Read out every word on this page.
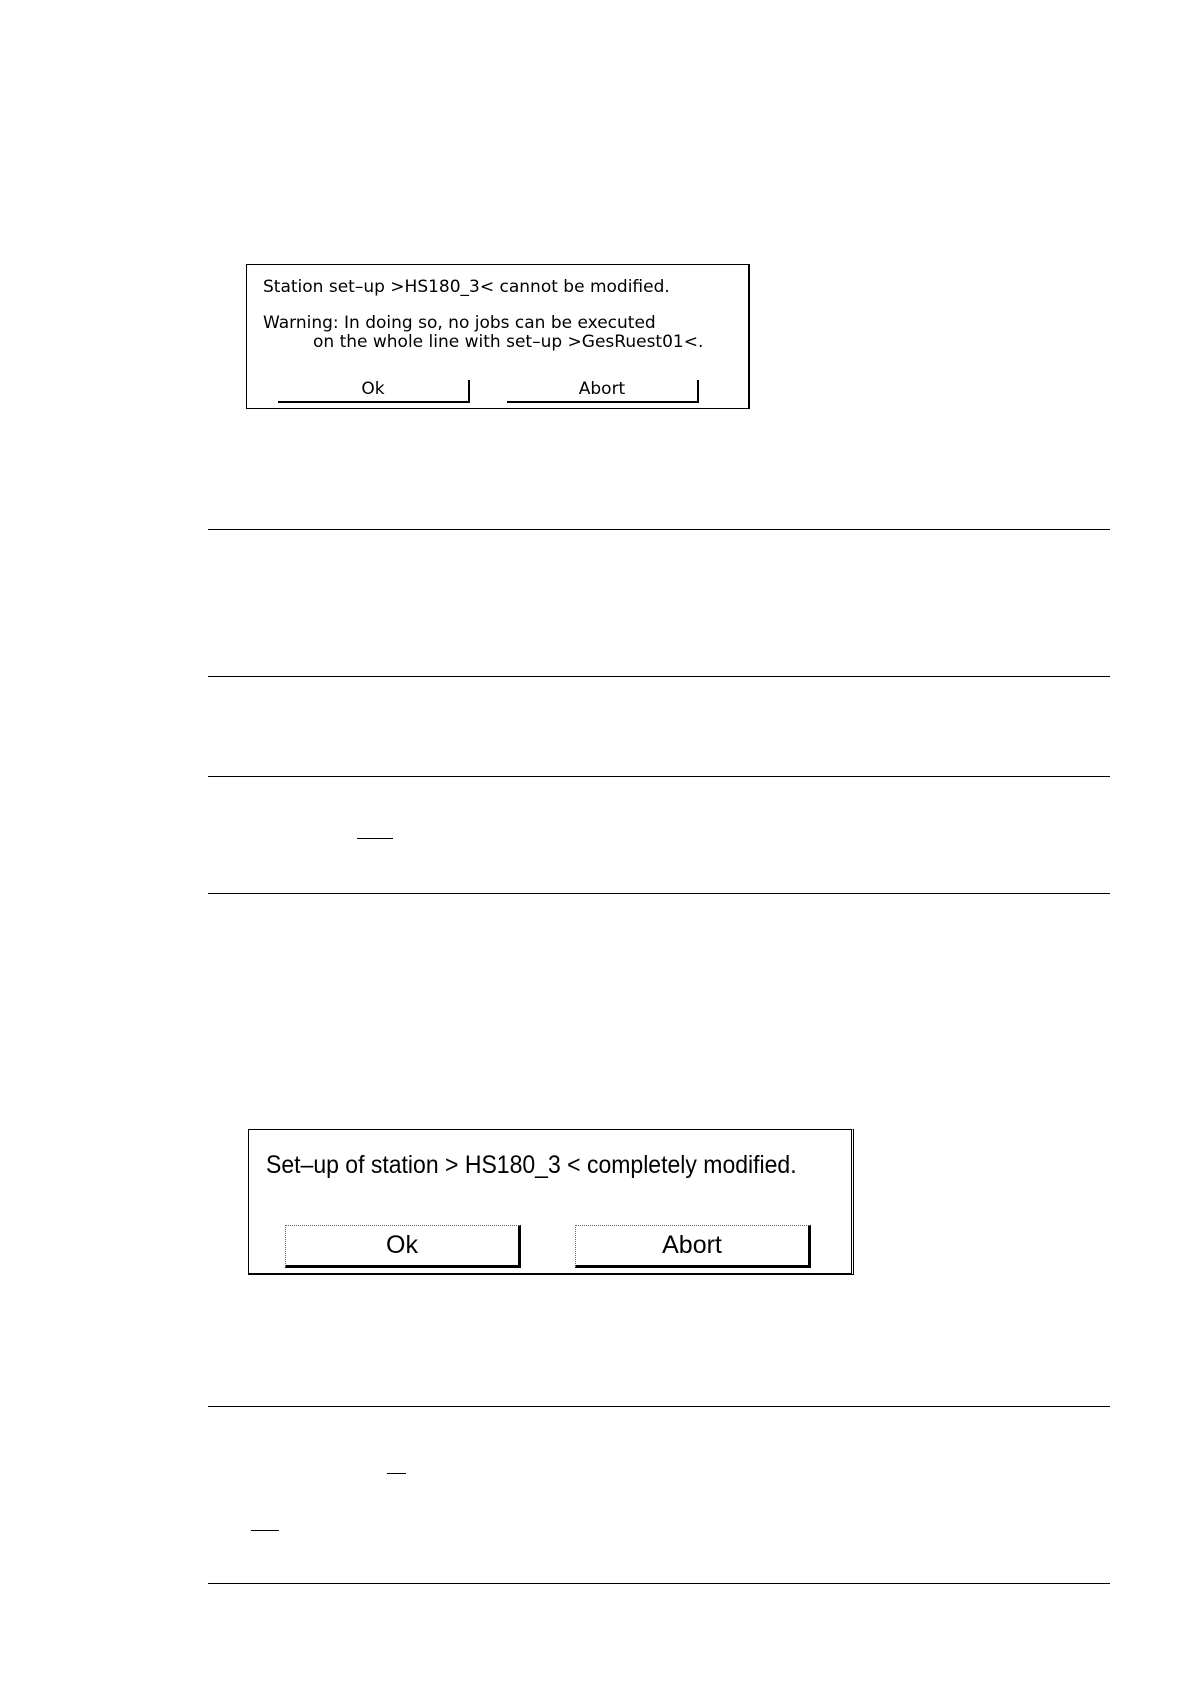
Station set–up >HS180_3< cannot be modified.
Warning: In doing so, no jobs can be executed
on the whole line with set–up >GesRuest01<.
Ok	Abort
Set–up of station > HS180_3 < completely modified.
Ok	Abort
